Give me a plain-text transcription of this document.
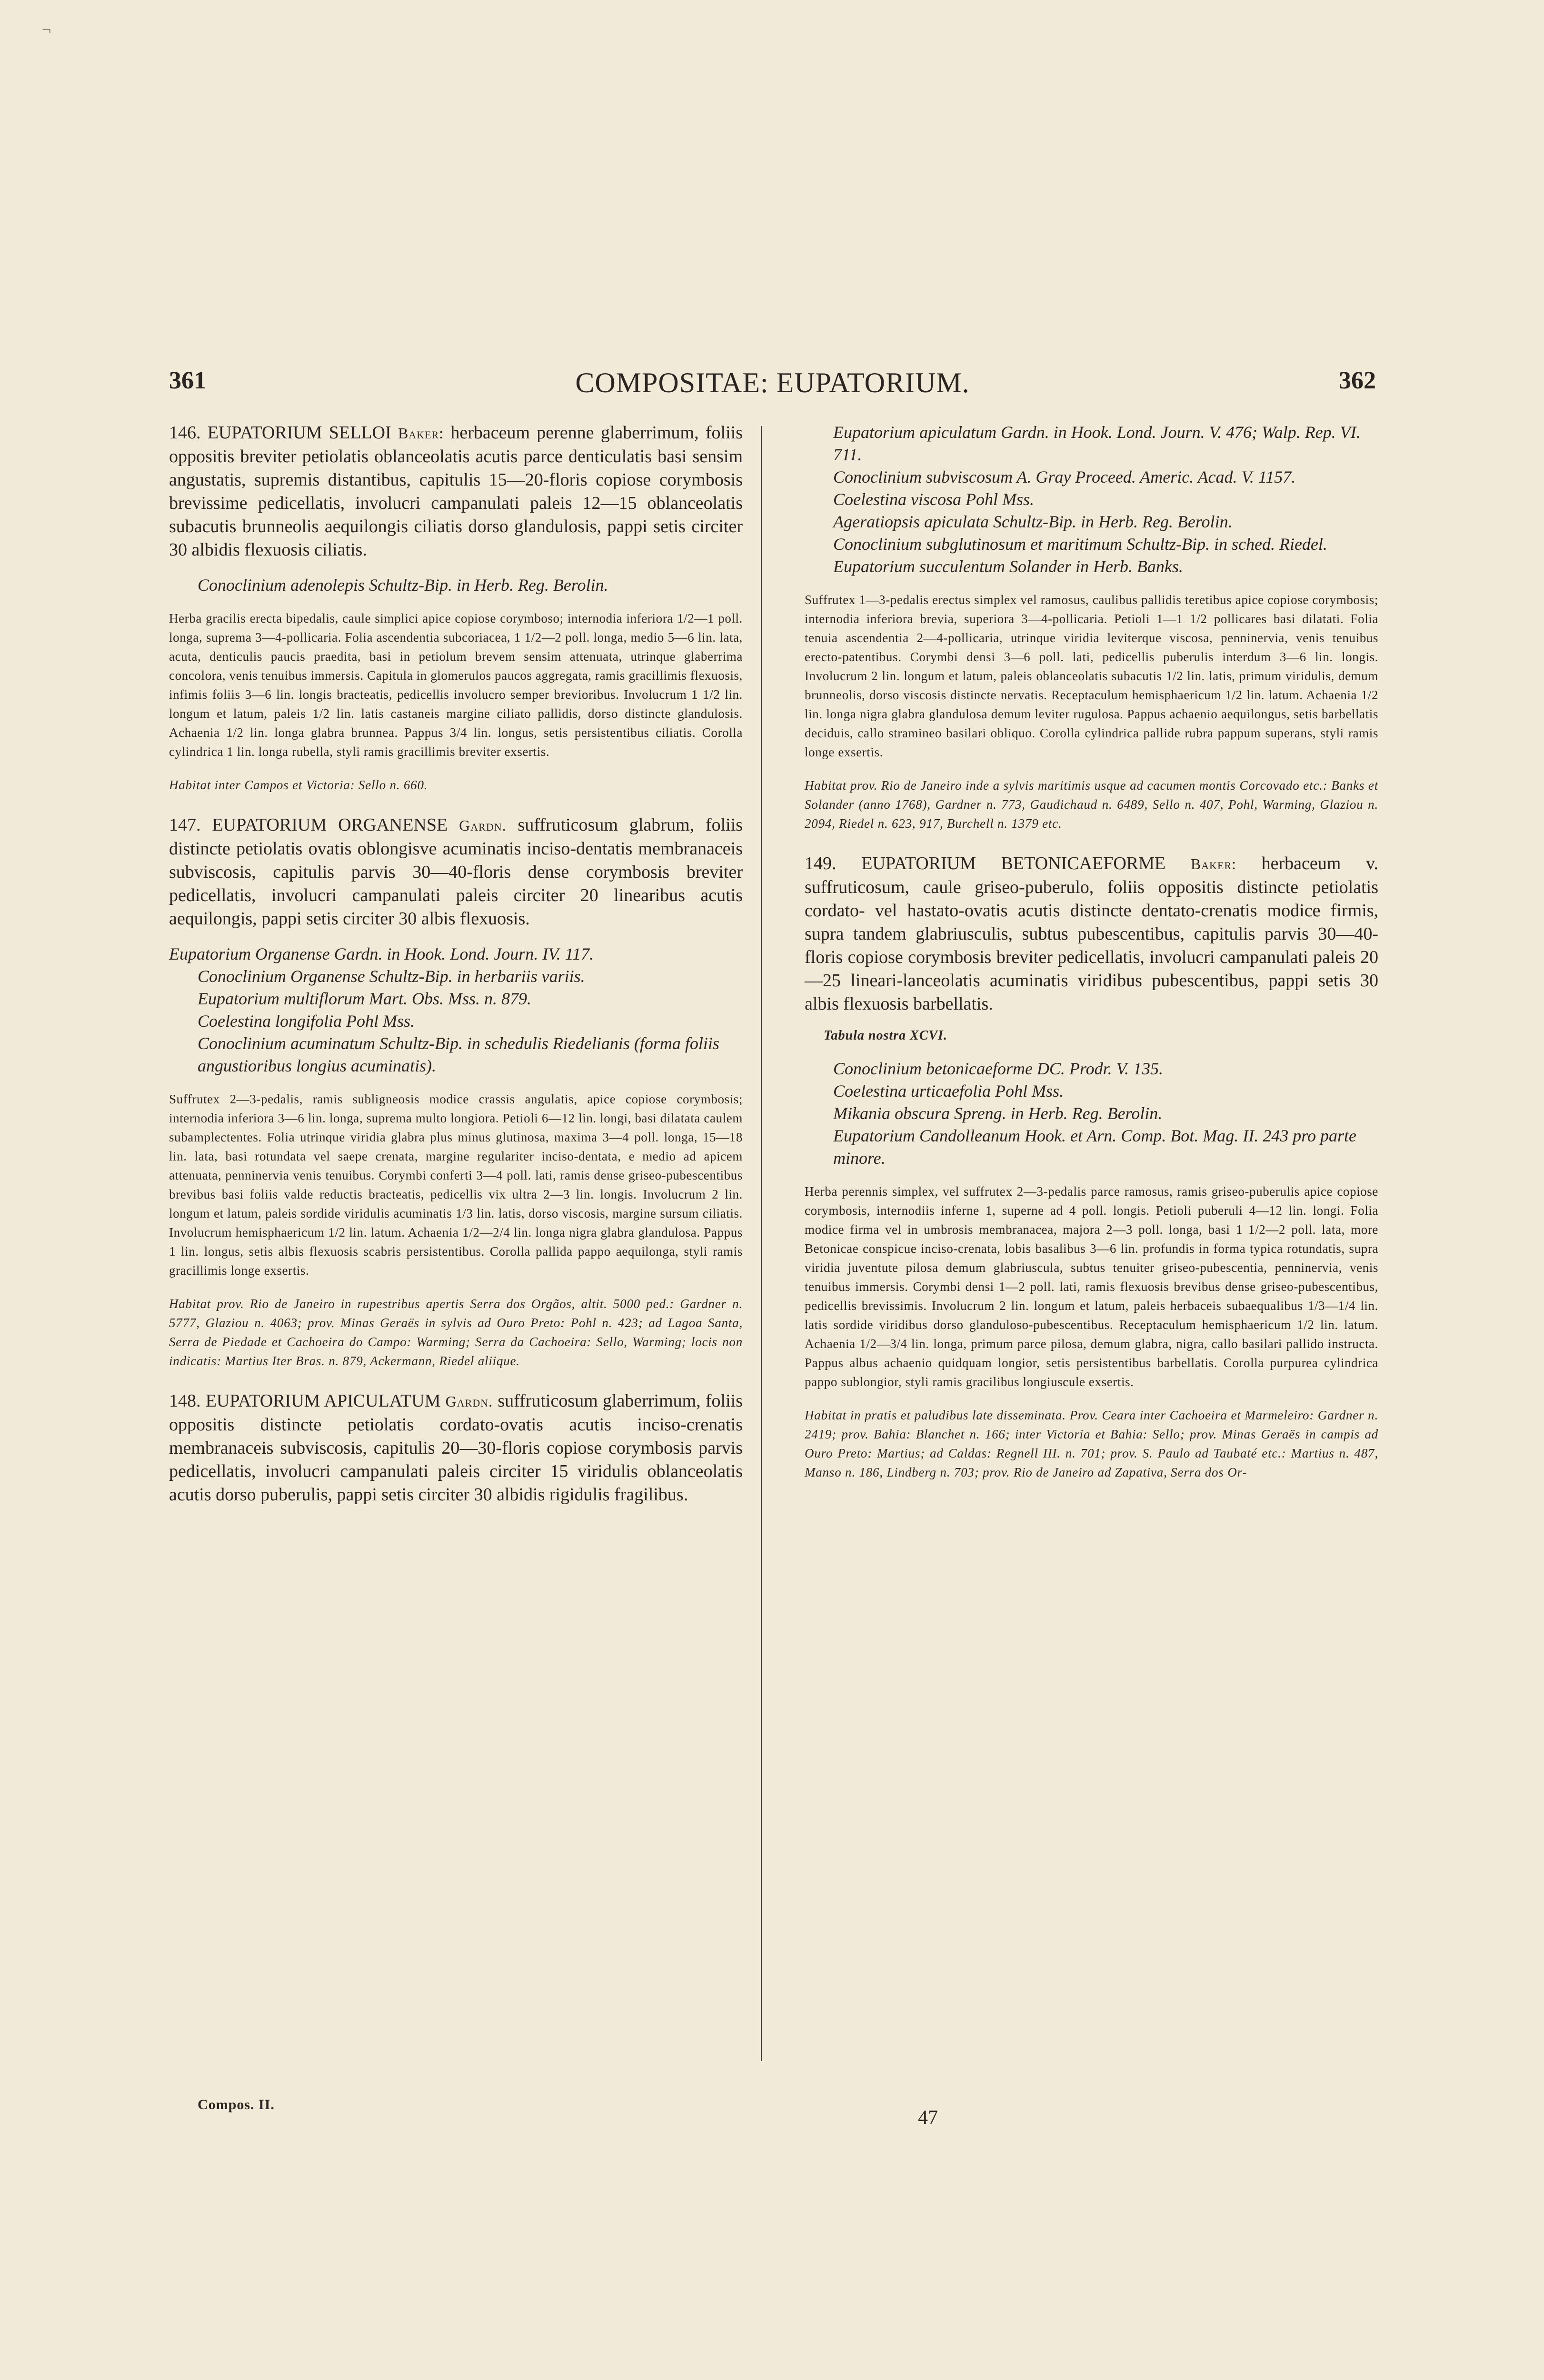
¬
361	COMPOSITAE: EUPATORIUM.	362

146. EUPATORIUM SELLOI Baker: herbaceum perenne glaberrimum, foliis oppositis breviter petiolatis oblanceolatis acutis parce denticulatis basi sensim angustatis, supremis distantibus, capitulis 15—20-floris copiose corymbosis brevissime pedicellatis, involucri campanulati paleis 12—15 oblanceolatis subacutis brunneolis aequilongis ciliatis dorso glandulosis, pappi setis circiter 30 albidis flexuosis ciliatis.

Conoclinium adenolepis Schultz-Bip. in Herb. Reg. Berolin.

Herba gracilis erecta bipedalis, caule simplici apice copiose corymboso; internodia inferiora 1/2—1 poll. longa, suprema 3—4-pollicaria. Folia ascendentia subcoriacea, 1 1/2—2 poll. longa, medio 5—6 lin. lata, acuta, denticulis paucis praedita, basi in petiolum brevem sensim attenuata, utrinque glaberrima concolora, venis tenuibus immersis. Capitula in glomerulos paucos aggregata, ramis gracillimis flexuosis, infimis foliis 3—6 lin. longis bracteatis, pedicellis involucro semper brevioribus. Involucrum 1 1/2 lin. longum et latum, paleis 1/2 lin. latis castaneis margine ciliato pallidis, dorso distincte glandulosis. Achaenia 1/2 lin. longa glabra brunnea. Pappus 3/4 lin. longus, setis persistentibus ciliatis. Corolla cylindrica 1 lin. longa rubella, styli ramis gracillimis breviter exsertis.

Habitat inter Campos et Victoria: Sello n. 660.

147. EUPATORIUM ORGANENSE Gardn. suffruticosum glabrum, foliis distincte petiolatis ovatis oblongisve acuminatis inciso-dentatis membranaceis subviscosis, capitulis parvis 30—40-floris dense corymbosis breviter pedicellatis, involucri campanulati paleis circiter 20 linearibus acutis aequilongis, pappi setis circiter 30 albis flexuosis.

Eupatorium Organense Gardn. in Hook. Lond. Journ. IV. 117.
Conoclinium Organense Schultz-Bip. in herbariis variis.
Eupatorium multiflorum Mart. Obs. Mss. n. 879.
Coelestina longifolia Pohl Mss.
Conoclinium acuminatum Schultz-Bip. in schedulis Riedelianis (forma foliis angustioribus longius acuminatis).

Suffrutex 2—3-pedalis, ramis subligneosis modice crassis angulatis, apice copiose corymbosis; internodia inferiora 3—6 lin. longa, suprema multo longiora. Petioli 6—12 lin. longi, basi dilatata caulem subamplectentes. Folia utrinque viridia glabra plus minus glutinosa, maxima 3—4 poll. longa, 15—18 lin. lata, basi rotundata vel saepe crenata, margine regulariter inciso-dentata, e medio ad apicem attenuata, penninervia venis tenuibus. Corymbi conferti 3—4 poll. lati, ramis dense griseo-pubescentibus brevibus basi foliis valde reductis bracteatis, pedicellis vix ultra 2—3 lin. longis. Involucrum 2 lin. longum et latum, paleis sordide viridulis acuminatis 1/3 lin. latis, dorso viscosis, margine sursum ciliatis. Involucrum hemisphaericum 1/2 lin. latum. Achaenia 1/2—2/4 lin. longa nigra glabra glandulosa. Pappus 1 lin. longus, setis albis flexuosis scabris persistentibus. Corolla pallida pappo aequilonga, styli ramis gracillimis longe exsertis.

Habitat prov. Rio de Janeiro in rupestribus apertis Serra dos Orgãos, altit. 5000 ped.: Gardner n. 5777, Glaziou n. 4063; prov. Minas Geraës in sylvis ad Ouro Preto: Pohl n. 423; ad Lagoa Santa, Serra de Piedade et Cachoeira do Campo: Warming; Serra da Cachoeira: Sello, Warming; locis non indicatis: Martius Iter Bras. n. 879, Ackermann, Riedel aliique.

148. EUPATORIUM APICULATUM Gardn. suffruticosum glaberrimum, foliis oppositis distincte petiolatis cordato-ovatis acutis inciso-crenatis membranaceis subviscosis, capitulis 20—30-floris copiose corymbosis parvis pedicellatis, involucri campanulati paleis circiter 15 viridulis oblanceolatis acutis dorso puberulis, pappi setis circiter 30 albidis rigidulis fragilibus.

Eupatorium apiculatum Gardn. in Hook. Lond. Journ. V. 476; Walp. Rep. VI. 711.
Conoclinium subviscosum A. Gray Proceed. Americ. Acad. V. 1157.
Coelestina viscosa Pohl Mss.
Ageratiopsis apiculata Schultz-Bip. in Herb. Reg. Berolin.
Conoclinium subglutinosum et maritimum Schultz-Bip. in sched. Riedel.
Eupatorium succulentum Solander in Herb. Banks.

Suffrutex 1—3-pedalis erectus simplex vel ramosus, caulibus pallidis teretibus apice copiose corymbosis; internodia inferiora brevia, superiora 3—4-pollicaria. Petioli 1—1 1/2 pollicares basi dilatati. Folia tenuia ascendentia 2—4-pollicaria, utrinque viridia leviterque viscosa, penninervia, venis tenuibus erecto-patentibus. Corymbi densi 3—6 poll. lati, pedicellis puberulis interdum 3—6 lin. longis. Involucrum 2 lin. longum et latum, paleis oblanceolatis subacutis 1/2 lin. latis, primum viridulis, demum brunneolis, dorso viscosis distincte nervatis. Receptaculum hemisphaericum 1/2 lin. latum. Achaenia 1/2 lin. longa nigra glabra glandulosa demum leviter rugulosa. Pappus achaenio aequilongus, setis barbellatis deciduis, callo stramineo basilari obliquo. Corolla cylindrica pallide rubra pappum superans, styli ramis longe exsertis.

Habitat prov. Rio de Janeiro inde a sylvis maritimis usque ad cacumen montis Corcovado etc.: Banks et Solander (anno 1768), Gardner n. 773, Gaudichaud n. 6489, Sello n. 407, Pohl, Warming, Glaziou n. 2094, Riedel n. 623, 917, Burchell n. 1379 etc.

149. EUPATORIUM BETONICAEFORME Baker: herbaceum v. suffruticosum, caule griseo-puberulo, foliis oppositis distincte petiolatis cordato- vel hastato-ovatis acutis distincte dentato-crenatis modice firmis, supra tandem glabriusculis, subtus pubescentibus, capitulis parvis 30—40-floris copiose corymbosis breviter pedicellatis, involucri campanulati paleis 20—25 lineari-lanceolatis acuminatis viridibus pubescentibus, pappi setis 30 albis flexuosis barbellatis.

Tabula nostra XCVI.
Conoclinium betonicaeforme DC. Prodr. V. 135.
Coelestina urticaefolia Pohl Mss.
Mikania obscura Spreng. in Herb. Reg. Berolin.
Eupatorium Candolleanum Hook. et Arn. Comp. Bot. Mag. II. 243 pro parte minore.

Herba perennis simplex, vel suffrutex 2—3-pedalis parce ramosus, ramis griseo-puberulis apice copiose corymbosis, internodiis inferne 1, superne ad 4 poll. longis. Petioli puberuli 4—12 lin. longi. Folia modice firma vel in umbrosis membranacea, majora 2—3 poll. longa, basi 1 1/2—2 poll. lata, more Betonicae conspicue inciso-crenata, lobis basalibus 3—6 lin. profundis in forma typica rotundatis, supra viridia juventute pilosa demum glabriuscula, subtus tenuiter griseo-pubescentia, penninervia, venis tenuibus immersis. Corymbi densi 1—2 poll. lati, ramis flexuosis brevibus dense griseo-pubescentibus, pedicellis brevissimis. Involucrum 2 lin. longum et latum, paleis herbaceis subaequalibus 1/3—1/4 lin. latis sordide viridibus dorso glanduloso-pubescentibus. Receptaculum hemisphaericum 1/2 lin. latum. Achaenia 1/2—3/4 lin. longa, primum parce pilosa, demum glabra, nigra, callo basilari pallido instructa. Pappus albus achaenio quidquam longior, setis persistentibus barbellatis. Corolla purpurea cylindrica pappo sublongior, styli ramis gracilibus longiuscule exsertis.

Habitat in pratis et paludibus late disseminata. Prov. Ceara inter Cachoeira et Marmeleiro: Gardner n. 2419; prov. Bahia: Blanchet n. 166; inter Victoria et Bahia: Sello; prov. Minas Geraës in campis ad Ouro Preto: Martius; ad Caldas: Regnell III. n. 701; prov. S. Paulo ad Taubaté etc.: Martius n. 487, Manso n. 186, Lindberg n. 703; prov. Rio de Janeiro ad Zapativa, Serra dos Or-

Compos. II.
47
